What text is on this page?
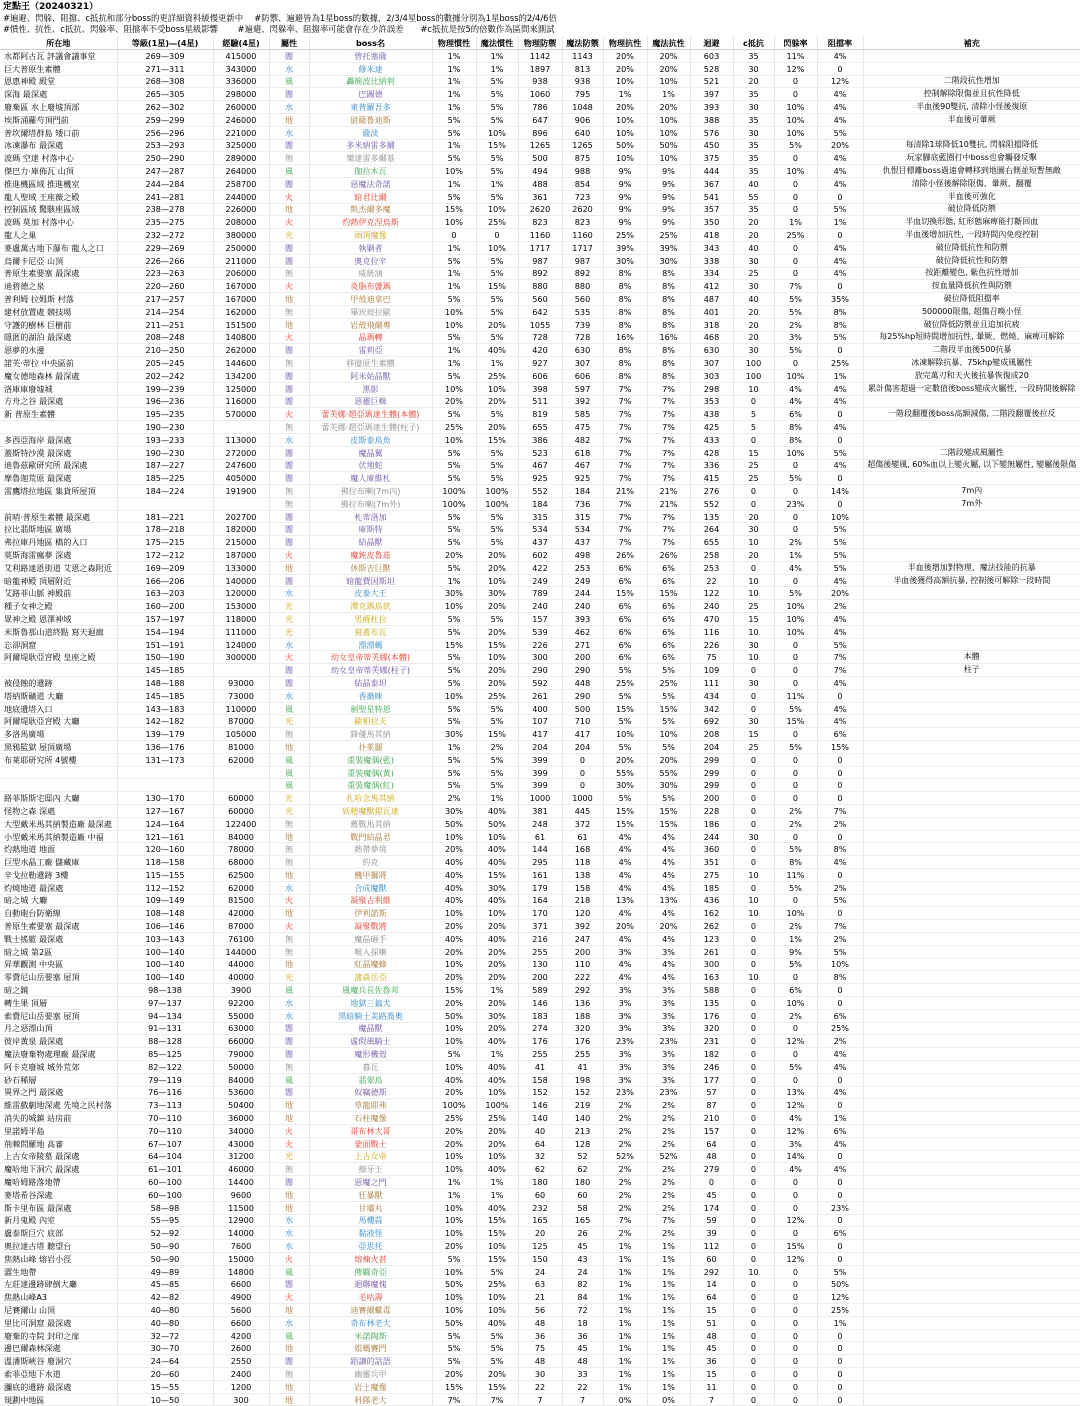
定點王（20240321）
#遍避、閃躲、阻擋、c抵抗和部分boss的更詳細資料緩慢更新中　 #防禦、遍避皆為1星boss的數據，2/3/4星boss的數據分別為1星boss的2/4/6倍
#慣性、抗性、c抵抗、閃躲率、阻擋率不受boss星級影響　　 #遍避、閃躲率、阻擋率可能會存在少許誤差　　#c抵抗是按5的倍數作為區間來測試
所在地	等級(1星)—(4星)	經驗(4星)	屬性	boss名	物理慣性	魔法慣性	物理防禦	魔法防禦	物理抗性	魔法抗性	迴避	c抵抗	閃躲率	阻擋率	補充
水都阿古瓦 評議會議事堂	269—309	415000	闇	曾托塞薩	1%	1%	1142	1143	20%	20%	603	35	11%	4%	
巨大普原生素體	271—311	343000	水	修米達	1%	1%	1897	813	20%	20%	528	30	12%	0	
恩惠神殿 殿堂	268—308	336000	風	轟簇波比納利	1%	5%	938	938	10%	10%	521	20	0	12%	二階段抗性增加
深海 最深處	265—305	298000	闇	巴圖德	1%	5%	1060	795	1%	1%	397	35	0	4%	控制解除限傷並且抗性降低
廢棄區 水上廢墟頂部	262—302	260000	水	東普羅吾多	1%	5%	786	1048	20%	20%	393	30	10%	4%	半血後90雙抗, 清除小怪後復原
埃斯涌蘿芍頂門前	259—299	246000	地	尉薩鲁迪斯	5%	5%	647	906	10%	10%	388	35	10%	4%	半血後可暈厥
普坎爾塔群島 矮口前	256—296	221000	水	薩淡	5%	10%	896	640	10%	10%	576	30	10%	5%	
冰凍瀑布 最深處	253—293	325000	闇	多米納雷多爾	1%	15%	1265	1265	50%	50%	450	35	5%	20%	每清除1球降低10雙抗, 閃躲阻擋降低
波瑪 空達 村落中心	250—290	289000	無	樂達雷多爾基	5%	5%	500	875	10%	10%	375	35	0	4%	玩家腳底藍圈打中boss也會觸發反擊
傑巴力·庫佈瓦 山頂	247—287	264000	風	伽拉木瓦	10%	5%	494	988	9%	9%	444	35	10%	4%	仇恨目標離boss過遠會轉移到地圖右側並短暫無敵
推進機區域 推進機室	244—284	258700	闇	惡魔法奇諾	1%	1%	488	854	9%	9%	367	40	0	4%	清除小怪後解除限傷、暈厥、翻覆
龍人聖域 王座薇之殿	241—281	244000	火	暗君比爾	5%	5%	361	723	9%	9%	541	55	0	0	半血後可強化
控制區域 驚駭座區域	238—278	226000	地	凱杰爾多魔	15%	10%	2620	2620	9%	9%	357	35	0	5%	破位降低防禦
波瑪 莫加 村落中心	235—275	208000	火	灼熱伊克涅烏斯	10%	25%	823	823	9%	9%	350	20	1%	1%	半血切換形態, 紅形態麻痺能打斷回血
龍人之巢	232—272	380000	光	頭頂魔像	0	0	1160	1160	25%	25%	418	20	25%	0	半血後增加抗性, 一段時間內免疫控制
麥盧萬古地下瀑布 龍人之口	229—269	250000	闇	執剿者	1%	10%	1717	1717	39%	39%	343	40	0	4%	破位降低抗性和防禦
烏爾卡尼亞 山頂	226—266	211000	闇	奧克拉辛	5%	5%	987	987	30%	30%	338	30	0	4%	破位降低抗性和防禦
普原生素要塞 最深處	223—263	206000	無	威統滷	1%	5%	892	892	8%	8%	334	25	0	4%	按距離變色, 紫色抗性增加
迪碧德之泉	220—260	167000	火	炎脂布盪瑪	1%	15%	880	880	8%	8%	412	30	7%	0	按血量降低抗性與防禦
普利姆 拉姆斯 村落	217—257	167000	地	甲殼迪拿巴	5%	5%	560	560	8%	8%	487	40	5%	35%	破位降低阻擋率
建材放置處 競技場	214—254	162000	無	畢崁坡拉歐	10%	5%	642	535	8%	8%	401	20	5%	8%	500000限傷, 超傷召喚小怪
守護的樹林 巨樹前	211—251	151500	地	岩殼飛爾專	10%	20%	1055	739	8%	8%	318	20	2%	8%	破位降低防禦並且追加抗疲
隱匿的湖泊 最深處	208—248	140800	火	晶瑪轉	5%	5%	728	728	16%	16%	468	20	3%	5%	每25%hp短時間增加抗性, 暈厥、燃燒、麻痺可解除
惡夢的水邊	210—250	262000	闇	雷莉亞	1%	40%	420	630	8%	8%	630	30	5%	0	二階段半血後500抗暴
諾芙·蒂拉 中央區前	205—245	144600	無	移億原生素體	1%	1%	927	307	8%	8%	307	100	0	25%	冰凍解除抗暴、75khp變成風屬性
魔女德地森林 最深處	202—242	134200	闇	阿米姑晶獸	5%	25%	606	606	8%	8%	303	100	10%	1%	放完萬刃和天火後抗暴恢復成20
洛庫庫廢墟城	199—239	125000	闇	黑影	10%	10%	398	597	7%	7%	298	10	4%	4%	累計傷害超過一定數值後boss變成火屬性, 一段時間後解除
方舟之谷 最深處	196—236	116000	闇	惡靈巨蛛	20%	20%	511	392	7%	7%	353	0	4%	4%	
新 普原生素體	195—235	570000	火	蕾芙娜·超亞瑪達生體(本體)	5%	5%	819	585	7%	7%	438	5	6%	0	一階段翻覆後boss高額減傷, 二階段翻覆後拉反
	190—230		無	蕾芙娜·超亞瑪達生體(柱子)	25%	20%	655	475	7%	7%	425	5	8%	4%	
多西亞海岸 最深處	193—233	113000	水	皮斯泰鳥魚	10%	15%	386	482	7%	7%	433	0	8%	0	
蓋斯特沙漠 最深處	190—230	272000	闇	魔晶翼	5%	5%	523	618	7%	7%	428	15	10%	5%	二階段變成風屬性
迪魯茲歐研究所 最深處	187—227	247600	闇	伏地蛇	5%	5%	467	467	7%	7%	336	25	0	4%	超傷後變風, 60%血以上變火屬, 以下變無屬性, 變屬後限傷
摩魯迦荒原 最深處	185—225	405000	闇	魔人庫維札	5%	5%	925	925	7%	7%	415	25	5%	0	
雷鷹塔拉地區 集貨所屋頂	184—224	191900	無	佛拉布喇(7m內)	100%	100%	552	184	21%	21%	276	0	0	14%	7m內
			無	佛拉布喇(7m外)	100%	100%	184	736	7%	21%	552	0	23%	0	7m外
前哨·普原生素體 最深處	181—221	202700	闇	札蒂洛加	5%	5%	315	315	7%	7%	135	20	0	10%	
拉比翡斯地區 廣場	178—218	182000	闇	庫斯特	5%	5%	534	534	7%	7%	264	30	0	5%	
弗拉庫丹地區 橋的入口	175—215	215000	闇	結晶獸	5%	5%	437	437	7%	7%	655	10	2%	5%	
莫斯海雷瘋夢 深處	172—212	187000	火	魔鈍皮魯茲	20%	20%	602	498	26%	26%	258	20	1%	5%	
艾利路達恩街道 艾恩之森附近	169—209	133000	地	休斯吉巨獸	5%	20%	422	253	6%	6%	253	0	4%	5%	半血後增加對物理、魔法技能的抗暴
暗龍神殿 頂層附近	166—206	140000	闇	暗龍費因斯坦	1%	10%	249	249	6%	6%	22	10	0	4%	半血後獲得高額抗暴, 控制後可解除一段時間
艾路菲山脈 神殿前	163—203	120000	水	皮泰大王	30%	30%	789	244	15%	15%	122	10	5%	20%	
種子女神之殿	160—200	153000	光	潭克瑪鳥欲	10%	20%	240	240	6%	6%	240	25	10%	2%	
眾神之殿 恩澤神域	157—197	118000	光	男爵杜拉	5%	5%	157	393	6%	6%	470	15	10%	4%	
米斯魯那山道終點 寫天迴廊	154—194	111000	光	寫蓋布瓦	5%	20%	539	462	6%	6%	116	10	10%	4%	
忘卻洞窟	151—191	124000	水	漂漂螞	15%	15%	226	271	6%	6%	226	30	0	5%	
阿爾堤耿亞宮殿 皇座之殿	150—190	300000	火	幼女皇帝蒂芙娜(本體)	5%	10%	300	200	6%	6%	75	10	0	7%	本體
	145—185		闇	幼女皇帝蒂芙娜(柱子)	5%	20%	290	290	5%	5%	109	0	0	7%	柱子
被侵蝕的遺跡	148—188	93000	闇	結晶泰坦	5%	20%	592	448	25%	25%	111	30	0	4%	
塔納斯礦道 大廳	145—185	73000	水	香薇咪	10%	25%	261	290	5%	5%	434	0	11%	0	
地底遺塔入口	143—183	110000	風	劍聖星特恩	5%	5%	400	500	15%	15%	342	0	5%	4%	
阿爾堤耿亞宮殿 大廳	142—182	87000	光	歐帕拉夫	5%	5%	107	710	5%	5%	692	30	15%	4%	
多洛馬廣場	139—179	105000	無	鋒優馬其納	30%	15%	417	417	10%	10%	208	15	0	6%	
黑鴉監獄 屋頂廣場	136—176	81000	地	扑茱麗	1%	2%	204	204	5%	5%	204	25	5%	15%	
布萊耶研究所 4號樓	131—173	62000	風	重裝魔偶(藍)	5%	5%	399	0	20%	20%	299	0	0	0	
			風	重裝魔偶(黃)	5%	5%	399	0	55%	55%	299	0	0	0	
			風	重裝魔偶(紅)	5%	5%	399	0	30%	30%	299	0	0	0	
路菲斯斯宅邸內 大廳	130—170	60000	光	扎哈念馬其納	2%	1%	1000	1000	5%	5%	200	0	0	0	
怪物之森 深處	127—167	60000	光	妖精魔獸提瓦達	30%	40%	381	445	15%	15%	228	0	2%	7%	
大型戴米馬其納製造廠 最深處	124—164	122400	無	舊戰馬其納	50%	50%	248	372	15%	15%	186	0	2%	2%	
小型戴米馬其納製造廠 中福	121—161	84000	地	戰門結晶君	10%	10%	61	61	4%	4%	244	30	0	0	
灼熱地道 地面	120—160	78000	無	熱帶夢境	20%	40%	144	168	4%	4%	360	0	5%	8%	
巨型水晶工廠 儲藏庫	118—158	68000	無	約克	40%	40%	295	118	4%	4%	351	0	8%	4%	
辛戈拉勒遺跡 3樓	115—155	62500	地	機甲獅將	40%	15%	161	138	4%	4%	275	10	11%	0	
灼燒地道 最深處	112—152	62000	水	合成魔獸	40%	30%	179	158	4%	4%	185	0	5%	2%	
暗之城 大廳	109—149	81500	火	凝聚古利維	40%	40%	164	218	13%	13%	436	10	0	5%	
自動砲台防衛線	108—148	42000	地	伊利諾斯	10%	10%	170	120	4%	4%	162	10	10%	0	
普原生素要塞 最深處	106—146	87000	火	凝聚戰將	20%	20%	371	392	20%	20%	262	0	2%	7%	
戰士搖籃 最深處	103—143	76100	無	魔晶砸手	40%	40%	216	247	4%	4%	123	0	1%	2%	
暗之城 第2區	100—140	144000	無	喉入探喇	20%	20%	255	200	3%	3%	261	0	9%	5%	
昇華觀測 中央區	100—140	44000	地	紅晶魔蜂	10%	20%	130	110	4%	4%	300	0	5%	10%	
零費尼山岳要塞 屋頂	100—140	40000	光	蒲森岳亞	20%	20%	200	222	4%	4%	163	10	0	8%	
暗之鏡	98—138	3900	風	風魔兵長佐魯邦	15%	1%	589	292	3%	3%	588	0	6%	0	
轉生果 頂層	97—137	92200	水	地獄三搞犬	20%	20%	146	136	3%	3%	135	0	10%	0	
索費尼山岳要塞 屋頂	94—134	55000	水	黑暗騎士美路喬奧	50%	30%	183	188	3%	3%	176	0	2%	6%	
月之惡漂山頂	91—131	63000	闇	魔晶獸	10%	20%	274	320	3%	3%	320	0	0	25%	
彼岸黃泉 最深處	88—128	66000	闇	虛假風騎士	10%	40%	176	176	23%	23%	231	0	12%	2%	
魔法廢棄物處理廠 最深處	85—125	79000	闇	魔形機殼	5%	1%	255	255	3%	3%	182	0	0	4%	
阿卡克廢城 城外荒郊	82—122	50000	無	暮瓦	10%	40%	41	41	3%	3%	246	0	5%	4%	
砂石稀層	79—119	84000	風	翡翠鳥	40%	40%	158	198	3%	3%	177	0	0	0	
異界之門 最深處	76—116	53600	闇	奴竊德斯	20%	10%	152	152	23%	23%	57	0	13%	4%	
維雷戲劇地深處 先境之民村落	73—113	50400	地	草龍耶弗	100%	100%	146	219	2%	2%	87	0	12%	0	
消失的城鎮 站房前	70—110	36000	地	石柱魔像	25%	25%	140	140	2%	2%	210	0	4%	1%	
里諾姆半島	70—110	34000	火	哥布林大哥	20%	20%	40	213	2%	2%	157	0	12%	6%	
荊棘問羅地 高審	67—107	43000	火	蒙面戰士	20%	20%	64	128	2%	2%	64	0	3%	4%	
上古女帝陵墓 最深處	64—104	31200	光	上古女帝	10%	10%	32	52	52%	52%	48	0	14%	0	
魔哈地下洞穴 最深處	61—101	46000	無	撩牙王	10%	40%	62	62	2%	2%	279	0	4%	4%	
魔哈姆路落地帶	60—100	14400	闇	惡魔之門	1%	1%	180	180	2%	2%	0	0	0	0	
麥塔希谷深處	60—100	9600	地	狂暴獸	1%	1%	60	60	2%	2%	45	0	0	0	
斯卡里布區 最深處	58—98	11500	地	甘壩丸	10%	40%	232	58	2%	2%	174	0	0	23%	
新月鬼殿 內室	55—95	12900	水	馬樓蒜	10%	15%	165	165	7%	7%	59	0	12%	0	
盧泰斯巨穴 底部	52—92	14000	水	黏液怪	10%	15%	20	26	2%	2%	39	0	0	6%	
奧拉達古塔 聽望台	50—90	7600	水	亞思托	20%	10%	125	45	1%	1%	112	0	15%	0	
焦熱山峰 熔岩小徑	50—90	15000	火	熔煉火甚	5%	15%	150	43	1%	1%	60	0	12%	0	
澀生地帶	49—89	14800	風	傳羈奇亞	10%	5%	24	24	1%	1%	292	10	0	5%	
左莊達邊跡肆倒大廳	45—85	6600	闇	迴聯魔傀	50%	25%	63	82	1%	1%	14	0	0	50%	
焦熱山峰A3	42—82	4900	火	毛咕壽	10%	10%	21	84	1%	1%	64	0	0	12%	
尼賽爾山 山頂	40—80	5600	地	迪賽爾蠍毒	10%	10%	56	72	1%	1%	15	0	0	25%	
里比可洞窟 最深處	40—80	6600	水	奇布林老大	50%	40%	48	18	1%	1%	51	0	0	1%	
廢棄的寺院 封印之扉	32—72	4200	風	米諾陶斯	5%	5%	36	36	1%	1%	48	0	0	0	
邊巴爾森林深處	30—70	2600	地	姐螞賽門	5%	5%	75	45	1%	1%	45	0	0	0	
溫潘斯峽谷 廢洞穴	24—64	2550	闇	蹈讓的話語	5%	5%	48	48	1%	1%	36	0	0	0	
索菲亞地下水道	20—60	2400	無	幽靈兵甲	20%	20%	30	33	1%	1%	15	0	0	0	
瀰底的遺跡 最深處	15—55	1200	地	岩土魔像	15%	15%	22	22	1%	1%	11	0	0	0	
規劃中地區	10—50	300	地	料隊老大	7%	7%	7	7	0%	0%	7	0	0	0	
